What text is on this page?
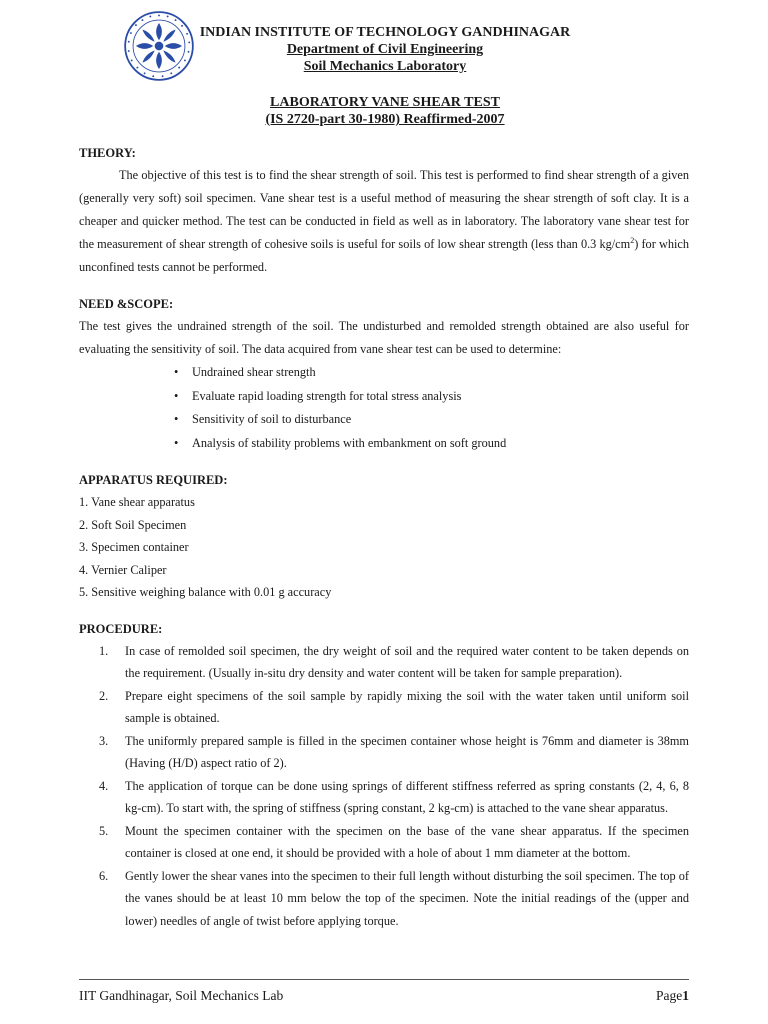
INDIAN INSTITUTE OF TECHNOLOGY GANDHINAGAR
Department of Civil Engineering
Soil Mechanics Laboratory
LABORATORY VANE SHEAR TEST
(IS 2720-part 30-1980) Reaffirmed-2007
THEORY:

The objective of this test is to find the shear strength of soil. This test is performed to find shear strength of a given (generally very soft) soil specimen. Vane shear test is a useful method of measuring the shear strength of soft clay. It is a cheaper and quicker method. The test can be conducted in field as well as in laboratory. The laboratory vane shear test for the measurement of shear strength of cohesive soils is useful for soils of low shear strength (less than 0.3 $kg/cm^2$) for which unconfined tests cannot be performed.

NEED &SCOPE:

The test gives the undrained strength of the soil. The undisturbed and remolded strength obtained are also useful for evaluating the sensitivity of soil. The data acquired from vane shear test can be used to determine:

• Undrained shear strength
• Evaluate rapid loading strength for total stress analysis
• Sensitivity of soil to disturbance
• Analysis of stability problems with embankment on soft ground
APPARATUS REQUIRED:
1. Vane shear apparatus
2. Soft Soil Specimen
3. Specimen container
4. Vernier Caliper
5. Sensitive weighing balance with 0.01 g accuracy
PROCEDURE:
1. In case of remolded soil specimen, the dry weight of soil and the required water content to be taken depends on the requirement. (Usually in-situ dry density and water content will be taken for sample preparation).
2. Prepare eight specimens of the soil sample by rapidly mixing the soil with the water taken until uniform soil sample is obtained.
3. The uniformly prepared sample is filled in the specimen container whose height is 76mm and diameter is 38mm (Having (H/D) aspect ratio of 2).
4. The application of torque can be done using springs of different stiffness referred as spring constants (2, 4, 6, 8 kg-cm). To start with, the spring of stiffness (spring constant, 2 kg-cm) is attached to the vane shear apparatus.
5. Mount the specimen container with the specimen on the base of the vane shear apparatus. If the specimen container is closed at one end, it should be provided with a hole of about 1 mm diameter at the bottom.
6. Gently lower the shear vanes into the specimen to their full length without disturbing the soil specimen. The top of the vanes should be at least 10 mm below the top of the specimen. Note the initial readings of the (upper and lower) needles of angle of twist before applying torque.
IIT Gandhinagar, Soil Mechanics Lab	Page1
